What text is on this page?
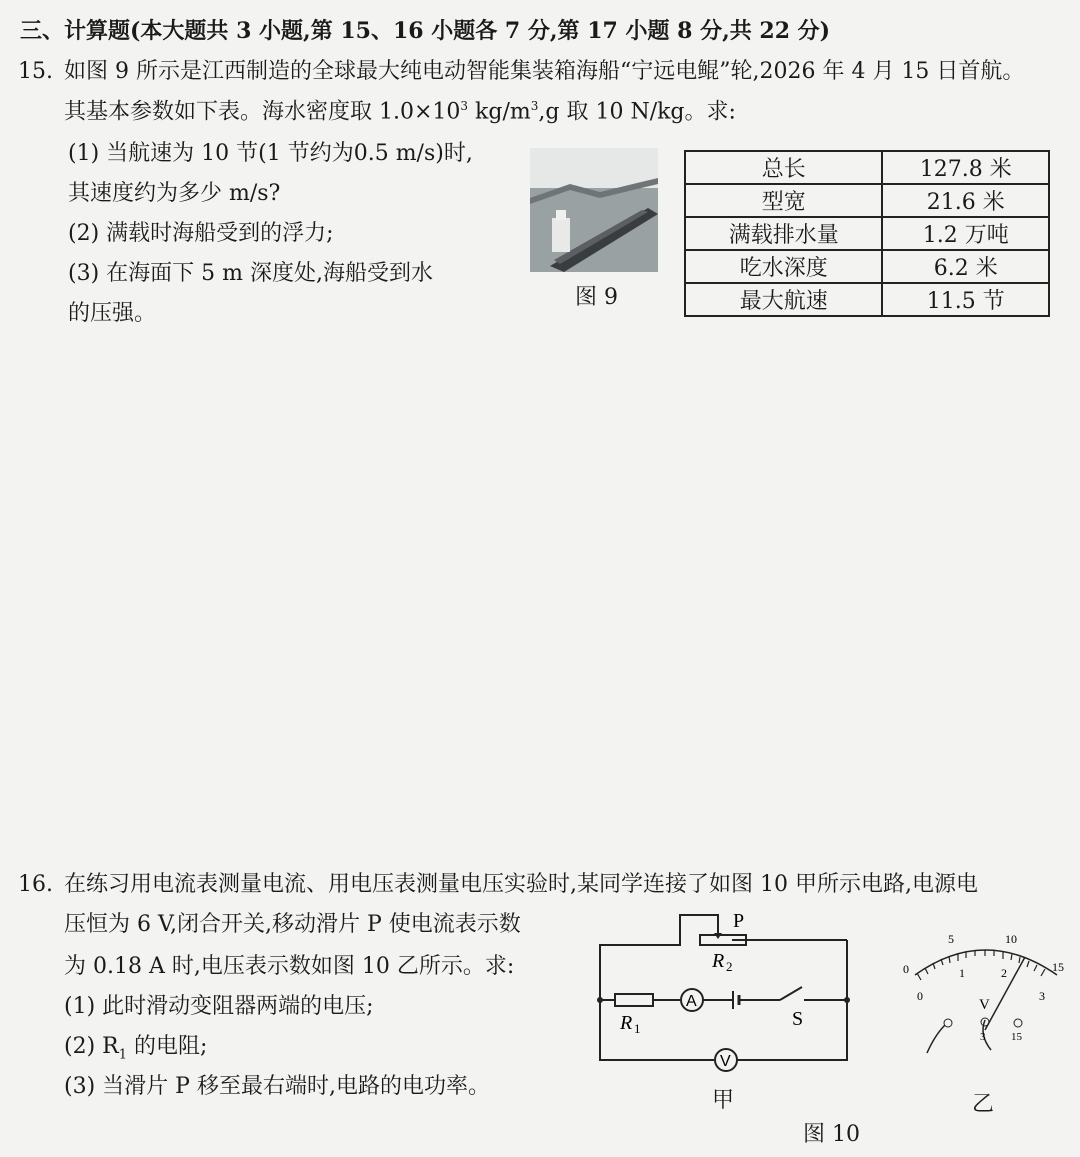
三、计算题(本大题共 3 小题,第 15、16 小题各 7 分,第 17 小题 8 分,共 22 分)
15. 如图 9 所示是江西制造的全球最大纯电动智能集装箱海船“宁远电鲲”轮,2026 年 4 月 15 日首航。
其基本参数如下表。海水密度取 $1.0\times 10^3$ $kg/m^3,g$ 取 10 N/kg。求:
(1) 当航速为 10 节(1 节约为0.5 m/s)时,
其速度约为多少 m/s?
(2) 满载时海船受到的浮力;
(3) 在海面下 5 m 深度处,海船受到水
的压强。
图 9
总长	127.8 米
型宽	21.6 米
满载排水量	1.2 万吨
吃水深度	6.2 米
最大航速	11.5 节
16. 在练习用电流表测量电流、用电压表测量电压实验时,某同学连接了如图 10 甲所示电路,电源电
压恒为 6 V,闭合开关,移动滑片 P 使电流表示数
为 0.18 A 时,电压表示数如图 10 乙所示。求:
(1) 此时滑动变阻器两端的电压;
(2) $R_1$ 的电阻;
(3) 当滑片 P 移至最右端时,电路的电功率。
P
R 2
R 1
A
V
S
甲
0
5	10
15
0
1	2
3
V
3 15
乙
图 10
